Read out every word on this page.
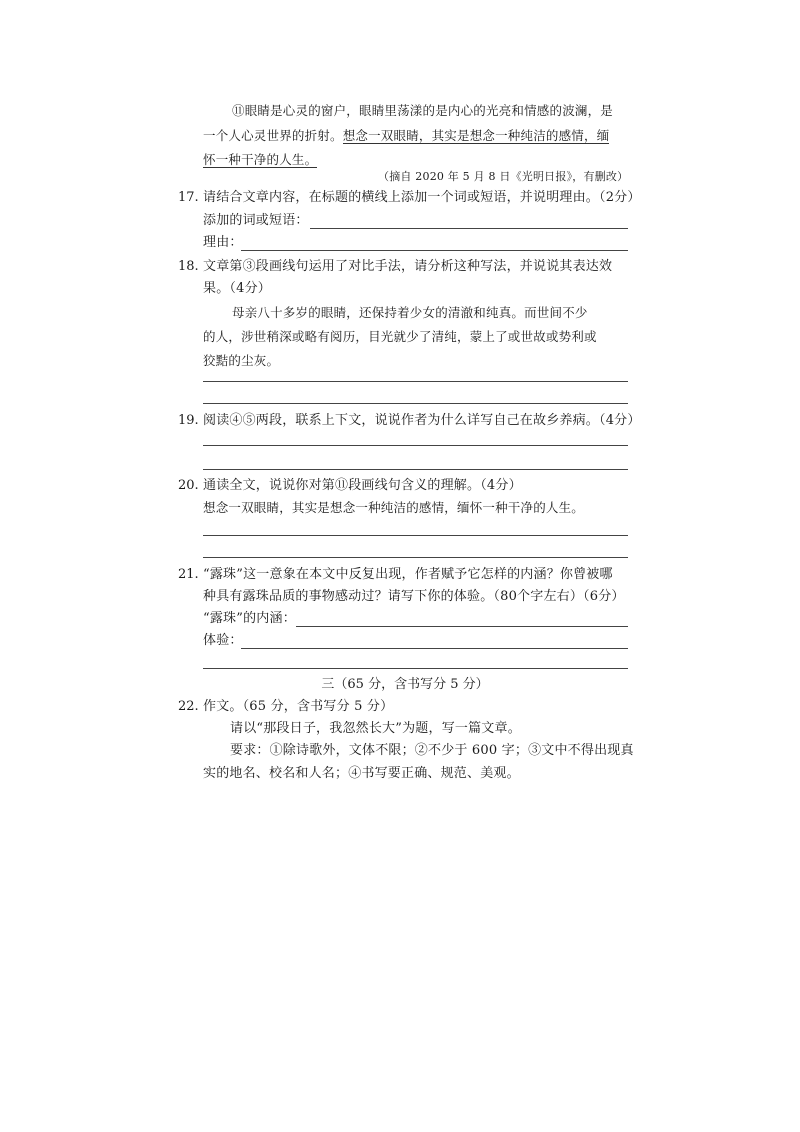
⑪眼睛是心灵的窗户，眼睛里荡漾的是内心的光亮和情感的波澜，是
一个人心灵世界的折射。想念一双眼睛，其实是想念一种纯洁的感情，缅
怀一种干净的人生。
（摘自 2020 年 5 月 8 日《光明日报》，有删改）
17. 请结合文章内容，在标题的横线上添加一个词或短语，并说明理由。（2分）
添加的词或短语：
理由：
18. 文章第③段画线句运用了对比手法，请分析这种写法，并说说其表达效
果。（4分）
母亲八十多岁的眼睛，还保持着少女的清澈和纯真。而世间不少
的人，涉世稍深或略有阅历，目光就少了清纯，蒙上了或世故或势利或
狡黠的尘灰。
19. 阅读④⑤两段，联系上下文，说说作者为什么详写自己在故乡养病。（4分）
20. 通读全文，说说你对第⑪段画线句含义的理解。（4分）
想念一双眼睛，其实是想念一种纯洁的感情，缅怀一种干净的人生。
21. “露珠”这一意象在本文中反复出现，作者赋予它怎样的内涵？你曾被哪
种具有露珠品质的事物感动过？请写下你的体验。（80个字左右）（6分）
“露珠”的内涵：
体验：
三（65 分，含书写分 5 分）
22. 作文。（65 分，含书写分 5 分）
请以“那段日子，我忽然长大”为题，写一篇文章。
要求：①除诗歌外，文体不限；②不少于 600 字；③文中不得出现真
实的地名、校名和人名；④书写要正确、规范、美观。
